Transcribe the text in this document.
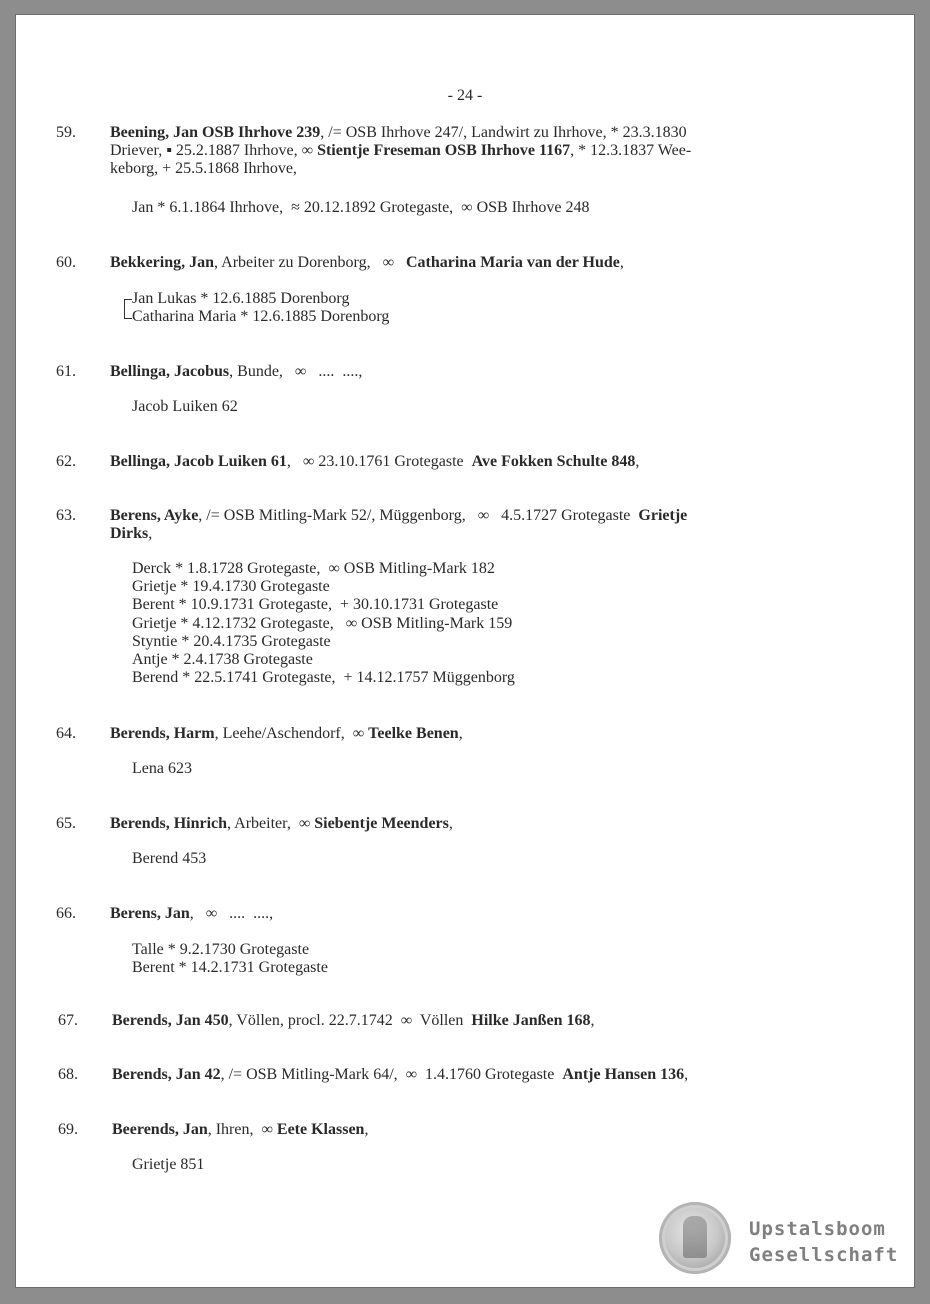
- 24 -
59. Beening, Jan OSB Ihrhove 239, /= OSB Ihrhove 247/, Landwirt zu Ihrhove, * 23.3.1830
Driever, ▪ 25.2.1887 Ihrhove, ∞ Stientje Freseman OSB Ihrhove 1167, * 12.3.1837 Wee-
keborg, + 25.5.1868 Ihrhove,
Jan * 6.1.1864 Ihrhove,  ≈ 20.12.1892 Grotegaste,  ∞ OSB Ihrhove 248
60. Bekkering, Jan, Arbeiter zu Dorenborg,   ∞   Catharina Maria van der Hude,
Jan Lukas * 12.6.1885 Dorenborg
Catharina Maria * 12.6.1885 Dorenborg
61. Bellinga, Jacobus, Bunde,   ∞   ....  ....,
Jacob Luiken 62
62. Bellinga, Jacob Luiken 61,   ∞ 23.10.1761 Grotegaste  Ave Fokken Schulte 848,
63. Berens, Ayke, /= OSB Mitling-Mark 52/, Müggenborg,   ∞   4.5.1727 Grotegaste  Grietje
Dirks,
Derck * 1.8.1728 Grotegaste,  ∞ OSB Mitling-Mark 182
Grietje * 19.4.1730 Grotegaste
Berent * 10.9.1731 Grotegaste,  + 30.10.1731 Grotegaste
Grietje * 4.12.1732 Grotegaste,   ∞ OSB Mitling-Mark 159
Styntie * 20.4.1735 Grotegaste
Antje * 2.4.1738 Grotegaste
Berend * 22.5.1741 Grotegaste,  + 14.12.1757 Müggenborg
64. Berends, Harm, Leehe/Aschendorf,  ∞ Teelke Benen,
Lena 623
65. Berends, Hinrich, Arbeiter,  ∞ Siebentje Meenders,
Berend 453
66. Berens, Jan,   ∞   ....  ....,
Talle * 9.2.1730 Grotegaste
Berent * 14.2.1731 Grotegaste
67. Berends, Jan 450, Völlen, procl. 22.7.1742  ∞  Völlen  Hilke Janßen 168,
68. Berends, Jan 42, /= OSB Mitling-Mark 64/,  ∞  1.4.1760 Grotegaste  Antje Hansen 136,
69. Beerends, Jan, Ihren,  ∞ Eete Klassen,
Grietje 851
Upstalsboom
Gesellschaft
